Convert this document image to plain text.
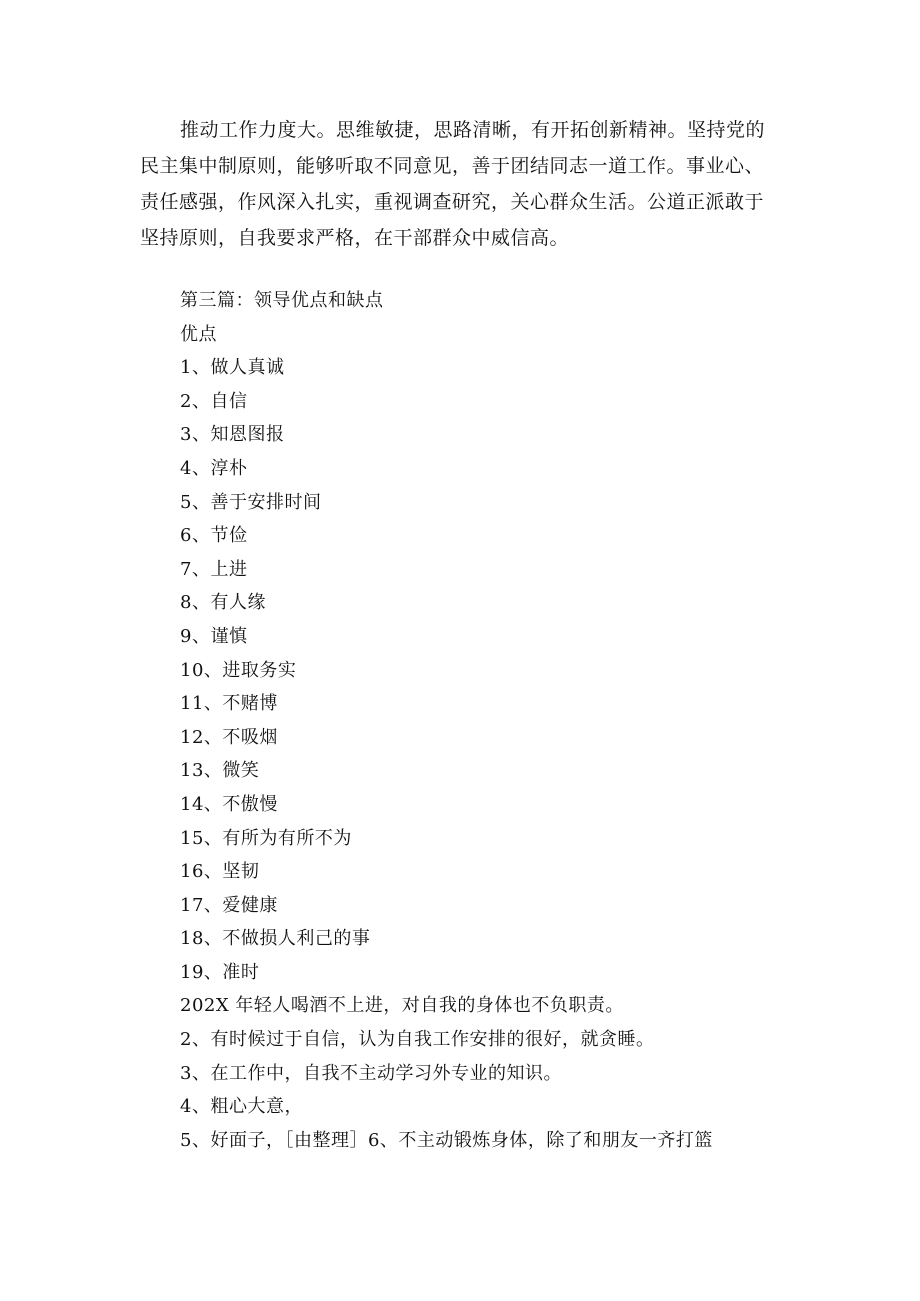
推动工作力度大。思维敏捷，思路清晰，有开拓创新精神。坚持党的民主集中制原则，能够听取不同意见，善于团结同志一道工作。事业心、责任感强，作风深入扎实，重视调查研究，关心群众生活。公道正派敢于坚持原则，自我要求严格，在干部群众中威信高。

第三篇：领导优点和缺点
优点
1、做人真诚
2、自信
3、知恩图报
4、淳朴
5、善于安排时间
6、节俭
7、上进
8、有人缘
9、谨慎
10、进取务实
11、不赌博
12、不吸烟
13、微笑
14、不傲慢
15、有所为有所不为
16、坚韧
17、爱健康
18、不做损人利己的事
19、准时
202X 年轻人喝酒不上进，对自我的身体也不负职责。
2、有时候过于自信，认为自我工作安排的很好，就贪睡。
3、在工作中，自我不主动学习外专业的知识。
4、粗心大意，
5、好面子，［由整理］6、不主动锻炼身体，除了和朋友一齐打篮
